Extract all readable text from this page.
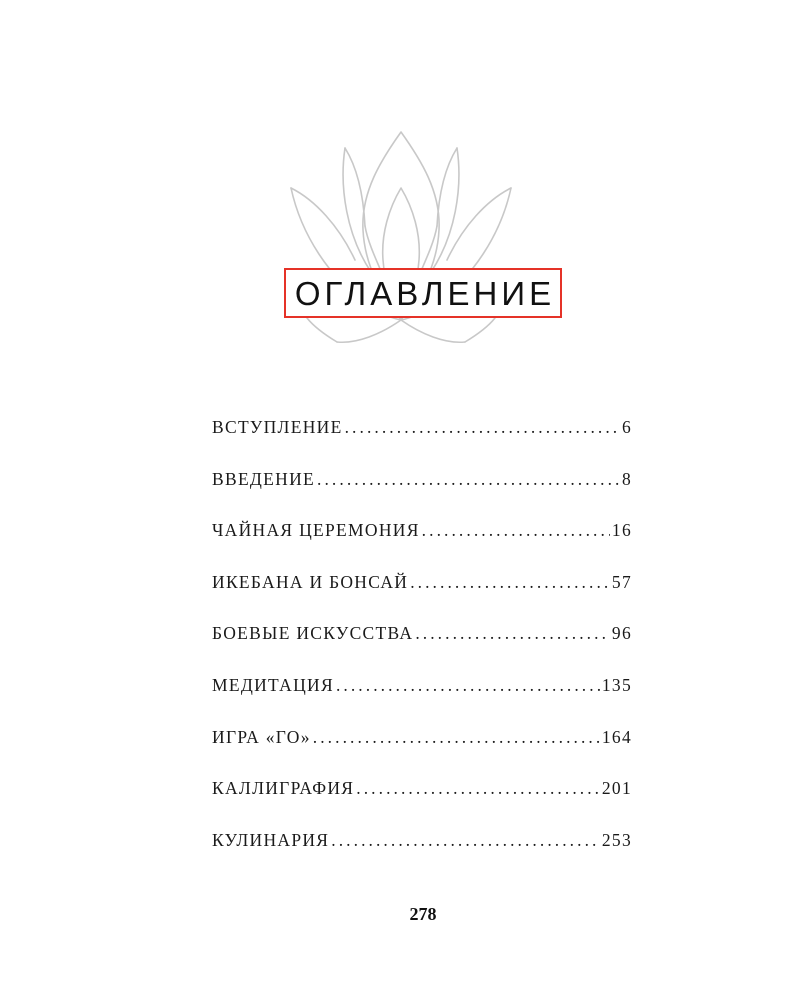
ОГЛАВЛЕНИЕ
ВСТУПЛЕНИЕ . . .	6
ВВЕДЕНИЕ . . .	8
ЧАЙНАЯ ЦЕРЕМОНИЯ . . .	16
ИКЕБАНА И БОНСАЙ . . .	57
БОЕВЫЕ ИСКУССТВА . . .	96
МЕДИТАЦИЯ . . .	135
ИГРА «ГО» . . .	164
КАЛЛИГРАФИЯ . . .	201
КУЛИНАРИЯ . . .	253
278
